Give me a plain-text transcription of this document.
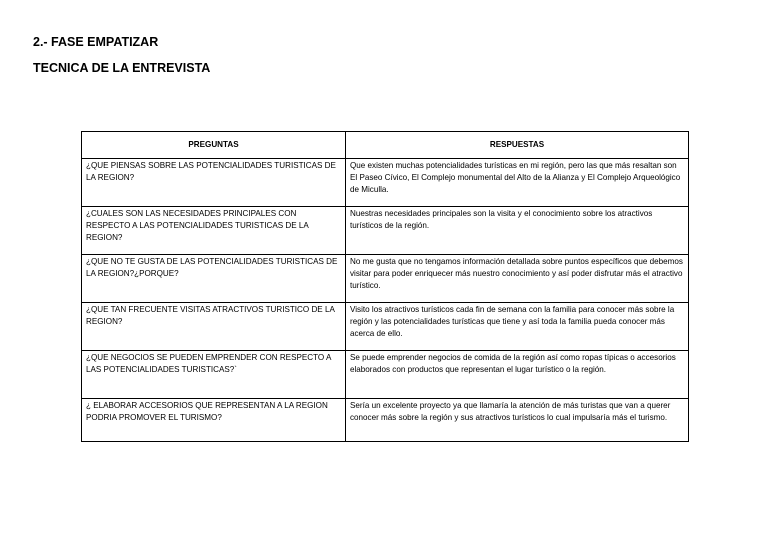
2.- FASE EMPATIZAR
TECNICA DE LA ENTREVISTA
PREGUNTAS	RESPUESTAS
¿QUE PIENSAS SOBRE LAS POTENCIALIDADES TURISTICAS DE LA REGION?	Que existen muchas potencialidades turísticas en mi región, pero las que más resaltan son El Paseo Cívico, El Complejo monumental del Alto de la Alianza y El Complejo Arqueológico de Miculla.
¿CUALES SON LAS NECESIDADES PRINCIPALES CON RESPECTO A LAS POTENCIALIDADES TURISTICAS DE LA REGION?	Nuestras necesidades principales son la visita y el conocimiento sobre los atractivos turísticos de la región.
¿QUE NO TE GUSTA DE LAS POTENCIALIDADES TURISTICAS DE LA REGION?¿PORQUE?	No me gusta que no tengamos información detallada sobre puntos específicos que debemos visitar para poder enriquecer más nuestro conocimiento y así poder disfrutar más el atractivo turístico.
¿QUE TAN FRECUENTE VISITAS ATRACTIVOS TURISTICO DE LA REGION?	Visito los atractivos turísticos cada fin de semana con la familia para conocer más sobre la región y las potencialidades turísticas que tiene y así toda la familia pueda conocer más acerca de ello.
¿QUE NEGOCIOS SE PUEDEN EMPRENDER CON RESPECTO A LAS POTENCIALIDADES TURISTICAS?`	Se puede emprender negocios de comida de la región así como ropas típicas o accesorios elaborados con productos que representan el lugar turístico o la región.
¿ ELABORAR ACCESORIOS QUE REPRESENTAN A LA REGION PODRIA PROMOVER EL TURISMO?	Sería un excelente proyecto ya que llamaría la atención de más turistas que van a querer conocer más sobre la región y sus atractivos turísticos lo cual impulsaría más el turismo.
